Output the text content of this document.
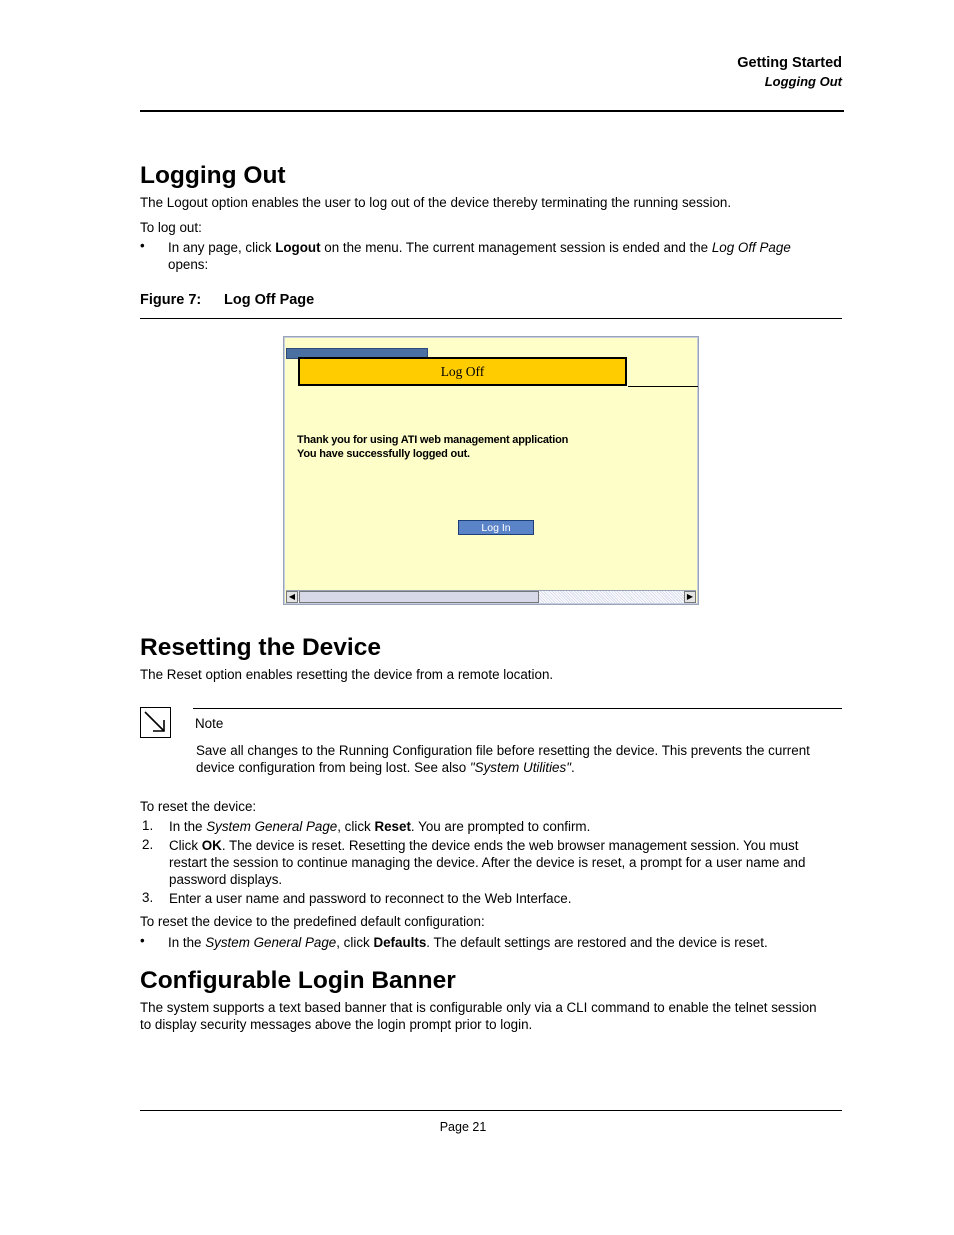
Getting Started
Logging Out
Logging Out
The Logout option enables the user to log out of the device thereby terminating the running session.
To log out:
• In any page, click Logout on the menu. The current management session is ended and the Log Off Page
opens:
Figure 7: Log Off Page
Log Off
Thank you for using ATI web management application
You have successfully logged out.
Log In
◀	▶
Resetting the Device
The Reset option enables resetting the device from a remote location.
Note
Save all changes to the Running Configuration file before resetting the device. This prevents the current
device configuration from being lost. See also "System Utilities".
To reset the device:
1. In the System General Page, click Reset. You are prompted to confirm.
2. Click OK. The device is reset. Resetting the device ends the web browser management session. You must
restart the session to continue managing the device. After the device is reset, a prompt for a user name and
password displays.
3. Enter a user name and password to reconnect to the Web Interface.
To reset the device to the predefined default configuration:
• In the System General Page, click Defaults. The default settings are restored and the device is reset.
Configurable Login Banner
The system supports a text based banner that is configurable only via a CLI command to enable the telnet session
to display security messages above the login prompt prior to login.
Page 21
